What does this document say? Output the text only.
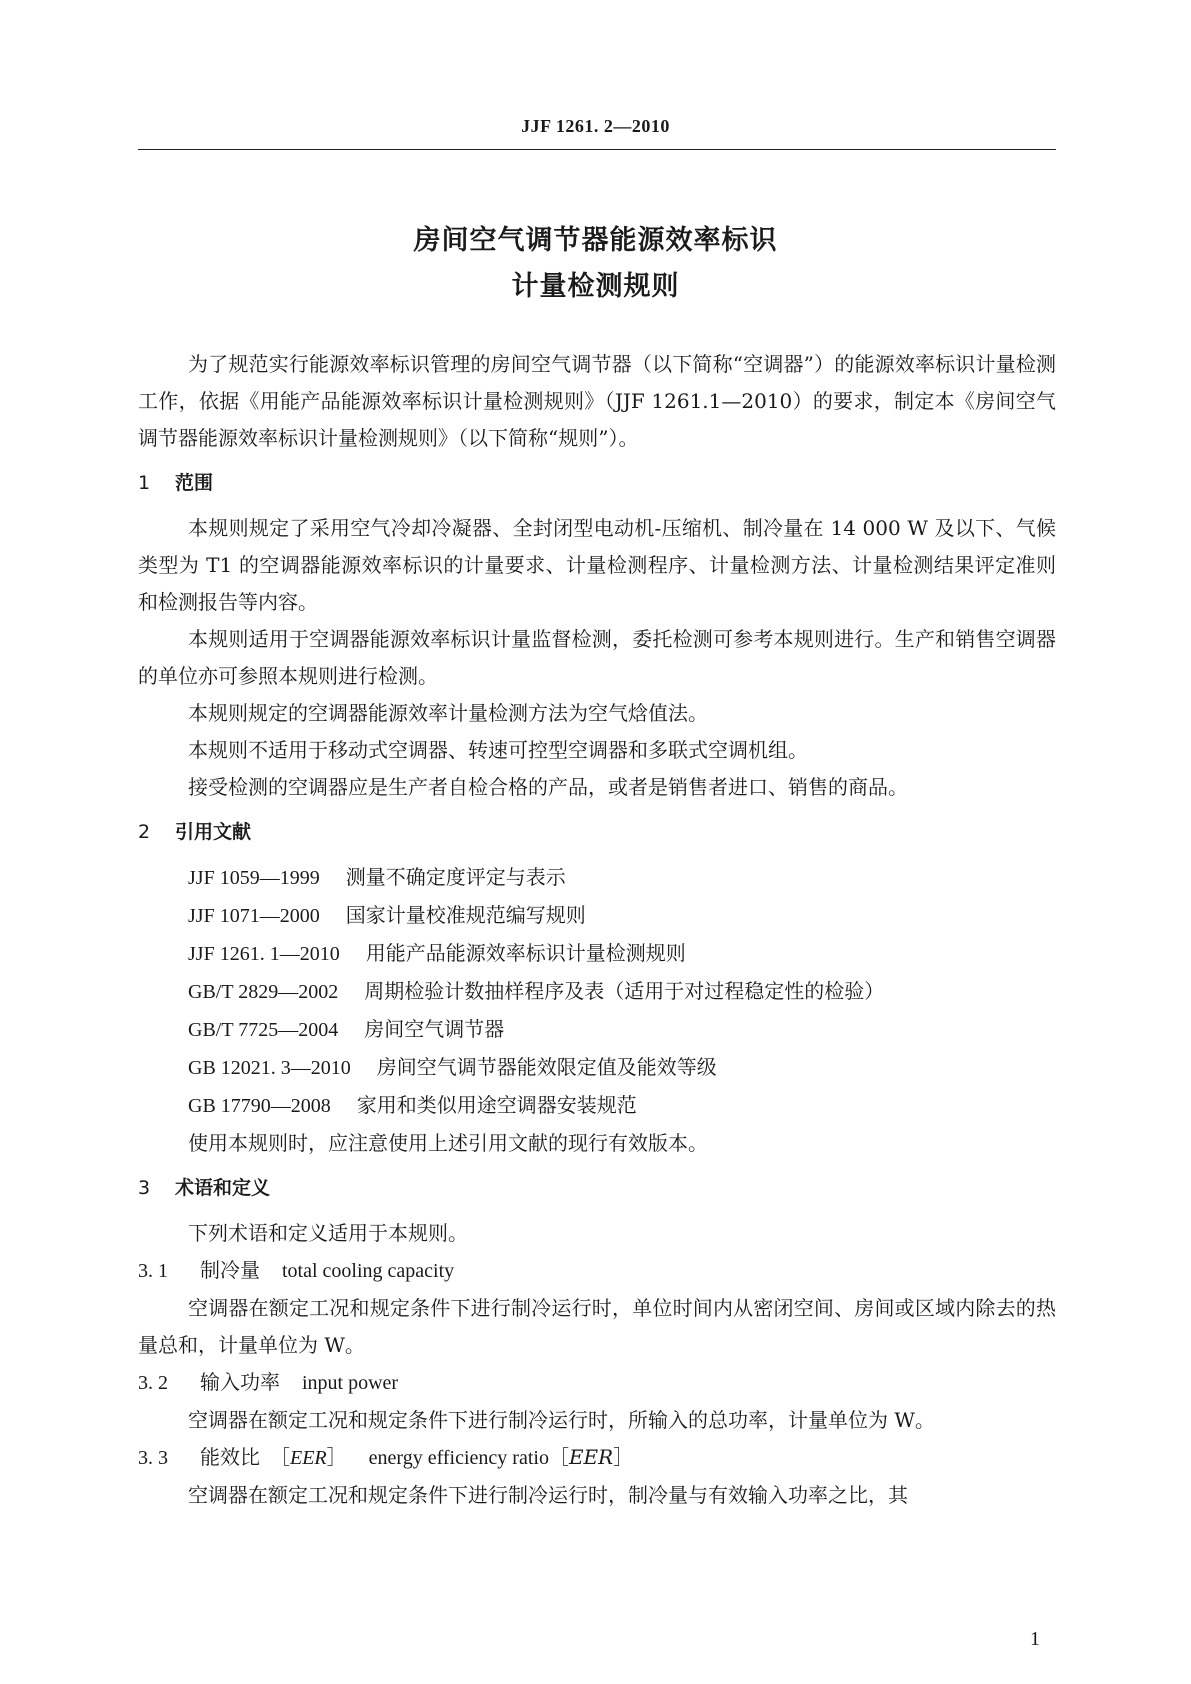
JJF 1261. 2—2010
房间空气调节器能源效率标识
计量检测规则

为了规范实行能源效率标识管理的房间空气调节器（以下简称“空调器”）的能源效率标识计量检测工作，依据《用能产品能源效率标识计量检测规则》（JJF 1261.1—2010）的要求，制定本《房间空气调节器能源效率标识计量检测规则》（以下简称“规则”）。

1 范围

本规则规定了采用空气冷却冷凝器、全封闭型电动机-压缩机、制冷量在 14 000 W 及以下、气候类型为 T1 的空调器能源效率标识的计量要求、计量检测程序、计量检测方法、计量检测结果评定准则和检测报告等内容。

本规则适用于空调器能源效率标识计量监督检测，委托检测可参考本规则进行。生产和销售空调器的单位亦可参照本规则进行检测。

本规则规定的空调器能源效率计量检测方法为空气焓值法。

本规则不适用于移动式空调器、转速可控型空调器和多联式空调机组。

接受检测的空调器应是生产者自检合格的产品，或者是销售者进口、销售的商品。

2 引用文献

JJF 1059—1999 测量不确定度评定与表示

JJF 1071—2000 国家计量校准规范编写规则

JJF 1261. 1—2010 用能产品能源效率标识计量检测规则

GB/T 2829—2002 周期检验计数抽样程序及表（适用于对过程稳定性的检验）

GB/T 7725—2004 房间空气调节器

GB 12021. 3—2010 房间空气调节器能效限定值及能效等级

GB 17790—2008 家用和类似用途空调器安装规范

使用本规则时，应注意使用上述引用文献的现行有效版本。

3 术语和定义

下列术语和定义适用于本规则。

3. 1 制冷量 total cooling capacity

空调器在额定工况和规定条件下进行制冷运行时，单位时间内从密闭空间、房间或区域内除去的热量总和，计量单位为 W。

3. 2 输入功率 input power

空调器在额定工况和规定条件下进行制冷运行时，所输入的总功率，计量单位为 W。

3. 3 能效比 ［EER］ energy efficiency ratio［EER］

空调器在额定工况和规定条件下进行制冷运行时，制冷量与有效输入功率之比，其

1
